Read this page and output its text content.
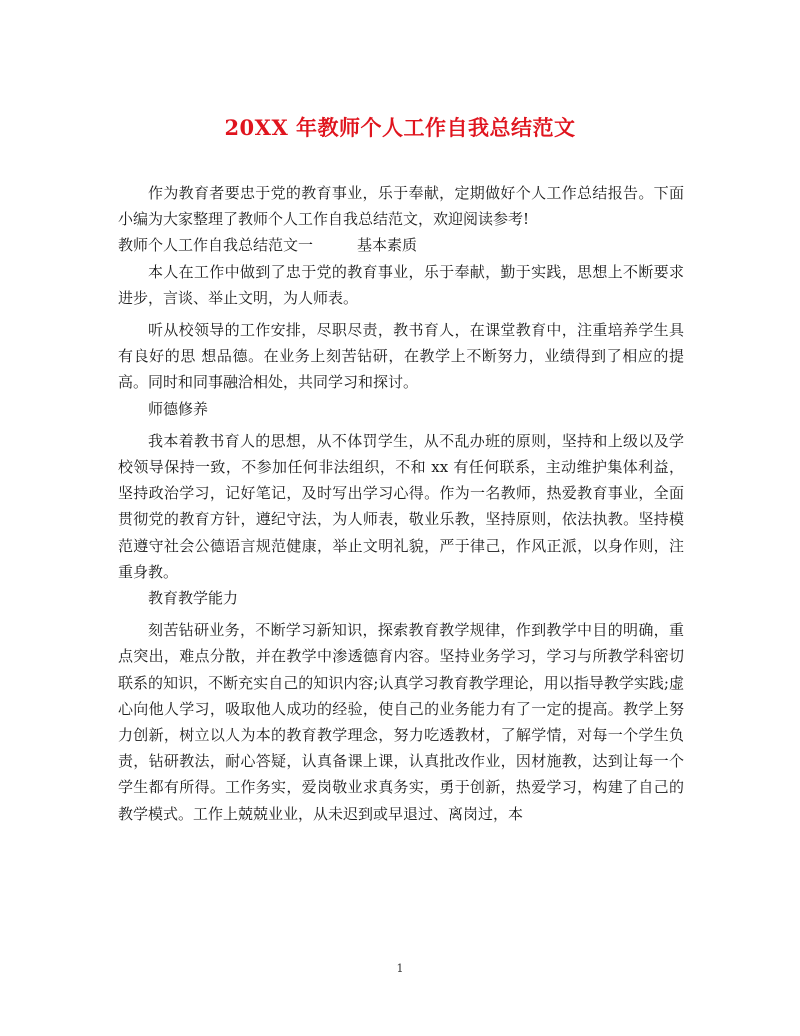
20XX 年教师个人工作自我总结范文

作为教育者要忠于党的教育事业，乐于奉献，定期做好个人工作总结报告。下面小编为大家整理了教师个人工作自我总结范文，欢迎阅读参考!

教师个人工作自我总结范文一	基本素质

本人在工作中做到了忠于党的教育事业，乐于奉献，勤于实践，思想上不断要求进步，言谈、举止文明，为人师表。

听从校领导的工作安排，尽职尽责，教书育人，在课堂教育中，注重培养学生具有良好的思 想品德。在业务上刻苦钻研，在教学上不断努力，业绩得到了相应的提高。同时和同事融洽相处，共同学习和探讨。

师德修养

我本着教书育人的思想，从不体罚学生，从不乱办班的原则，坚持和上级以及学校领导保持一致，不参加任何非法组织，不和 xx 有任何联系，主动维护集体利益，坚持政治学习，记好笔记，及时写出学习心得。作为一名教师，热爱教育事业，全面贯彻党的教育方针，遵纪守法，为人师表，敬业乐教，坚持原则，依法执教。坚持模范遵守社会公德语言规范健康，举止文明礼貌，严于律己，作风正派，以身作则，注重身教。

教育教学能力

刻苦钻研业务，不断学习新知识，探索教育教学规律，作到教学中目的明确，重点突出，难点分散，并在教学中渗透德育内容。坚持业务学习，学习与所教学科密切联系的知识，不断充实自己的知识内容;认真学习教育教学理论，用以指导教学实践;虚心向他人学习，吸取他人成功的经验，使自己的业务能力有了一定的提高。教学上努力创新，树立以人为本的教育教学理念，努力吃透教材，了解学情，对每一个学生负责，钻研教法，耐心答疑，认真备课上课，认真批改作业，因材施教，达到让每一个学生都有所得。工作务实，爱岗敬业求真务实，勇于创新，热爱学习，构建了自己的教学模式。工作上兢兢业业，从未迟到或早退过、离岗过，本

1
